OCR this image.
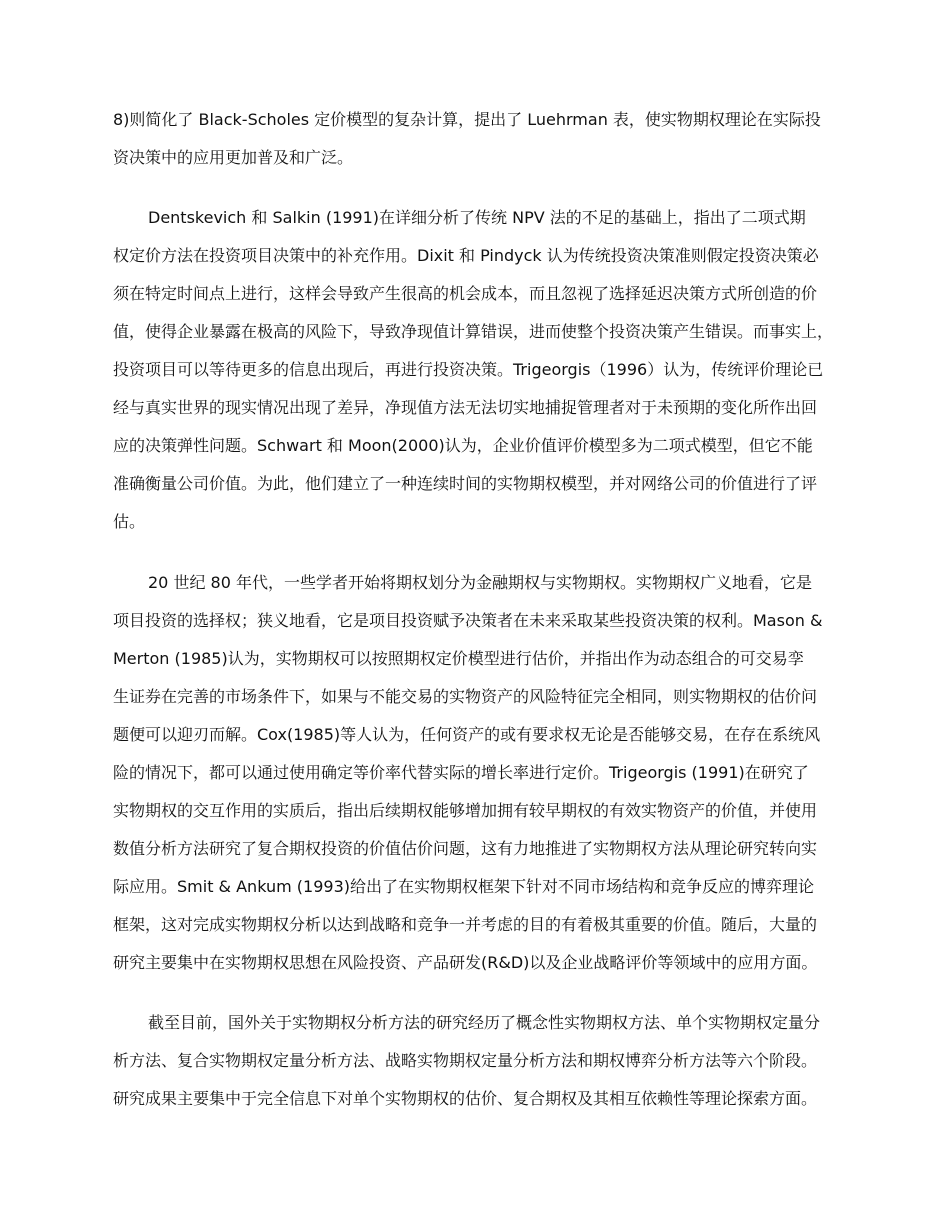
8)则简化了 Black-Scholes 定价模型的复杂计算，提出了 Luehrman 表，使实物期权理论在实际投

资决策中的应用更加普及和广泛。

Dentskevich 和 Salkin (1991)在详细分析了传统 NPV 法的不足的基础上，指出了二项式期

权定价方法在投资项目决策中的补充作用。Dixit 和 Pindyck 认为传统投资决策准则假定投资决策必

须在特定时间点上进行，这样会导致产生很高的机会成本，而且忽视了选择延迟决策方式所创造的价

值，使得企业暴露在极高的风险下，导致净现值计算错误，进而使整个投资决策产生错误。而事实上，

投资项目可以等待更多的信息出现后，再进行投资决策。Trigeorgis（1996）认为，传统评价理论已

经与真实世界的现实情况出现了差异，净现值方法无法切实地捕捉管理者对于未预期的变化所作出回

应的决策弹性问题。Schwart 和 Moon(2000)认为，企业价值评价模型多为二项式模型，但它不能

准确衡量公司价值。为此，他们建立了一种连续时间的实物期权模型，并对网络公司的价值进行了评

估。

20 世纪 80 年代，一些学者开始将期权划分为金融期权与实物期权。实物期权广义地看，它是

项目投资的选择权；狭义地看，它是项目投资赋予决策者在未来采取某些投资决策的权利。Mason &

Merton (1985)认为，实物期权可以按照期权定价模型进行估价，并指出作为动态组合的可交易孪

生证券在完善的市场条件下，如果与不能交易的实物资产的风险特征完全相同，则实物期权的估价问

题便可以迎刃而解。Cox(1985)等人认为，任何资产的或有要求权无论是否能够交易，在存在系统风

险的情况下，都可以通过使用确定等价率代替实际的增长率进行定价。Trigeorgis (1991)在研究了

实物期权的交互作用的实质后，指出后续期权能够增加拥有较早期权的有效实物资产的价值，并使用

数值分析方法研究了复合期权投资的价值估价问题，这有力地推进了实物期权方法从理论研究转向实

际应用。Smit & Ankum (1993)给出了在实物期权框架下针对不同市场结构和竞争反应的博弈理论

框架，这对完成实物期权分析以达到战略和竞争一并考虑的目的有着极其重要的价值。随后，大量的

研究主要集中在实物期权思想在风险投资、产品研发(R&D)以及企业战略评价等领域中的应用方面。

截至目前，国外关于实物期权分析方法的研究经历了概念性实物期权方法、单个实物期权定量分

析方法、复合实物期权定量分析方法、战略实物期权定量分析方法和期权博弈分析方法等六个阶段。

研究成果主要集中于完全信息下对单个实物期权的估价、复合期权及其相互依赖性等理论探索方面。
